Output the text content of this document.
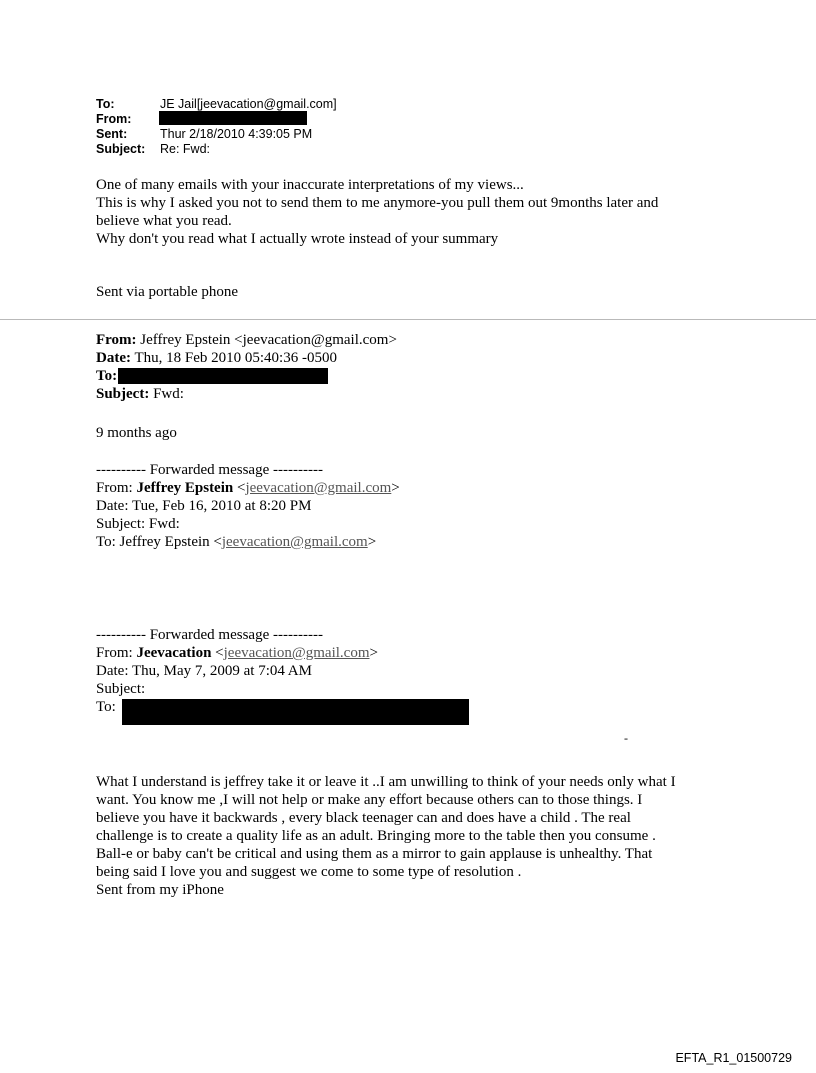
To:	JE Jail[jeevacation@gmail.com]
From:
Sent:	Thur 2/18/2010 4:39:05 PM
Subject: Re: Fwd:
One of many emails with your inaccurate interpretations of my views...
This is why I asked you not to send them to me anymore-you pull them out 9months later and
believe what you read.
Why don't you read what I actually wrote instead of your summary
Sent via portable phone
From: Jeffrey Epstein <jeevacation@gmail.com>
Date: Thu, 18 Feb 2010 05:40:36 -0500
To:
Subject: Fwd:
9 months ago
---------- Forwarded message ----------
From: Jeffrey Epstein <jeevacation@gmail.com>
Date: Tue, Feb 16, 2010 at 8:20 PM
Subject: Fwd:
To: Jeffrey Epstein <jeevacation@gmail.com>
---------- Forwarded message ----------
From: Jeevacation <jeevacation@gmail.com>
Date: Thu, May 7, 2009 at 7:04 AM
Subject:
To:
-
What I understand is jeffrey take it or leave it ..I am unwilling to think of your needs only what I
want. You know me ,I will not help or make any effort because others can to those things. I
believe you have it backwards , every black teenager can and does have a child . The real
challenge is to create a quality life as an adult. Bringing more to the table then you consume .
Ball-e or baby can't be critical and using them as a mirror to gain applause is unhealthy. That
being said I love you and suggest we come to some type of resolution .
Sent from my iPhone
EFTA_R1_01500729
